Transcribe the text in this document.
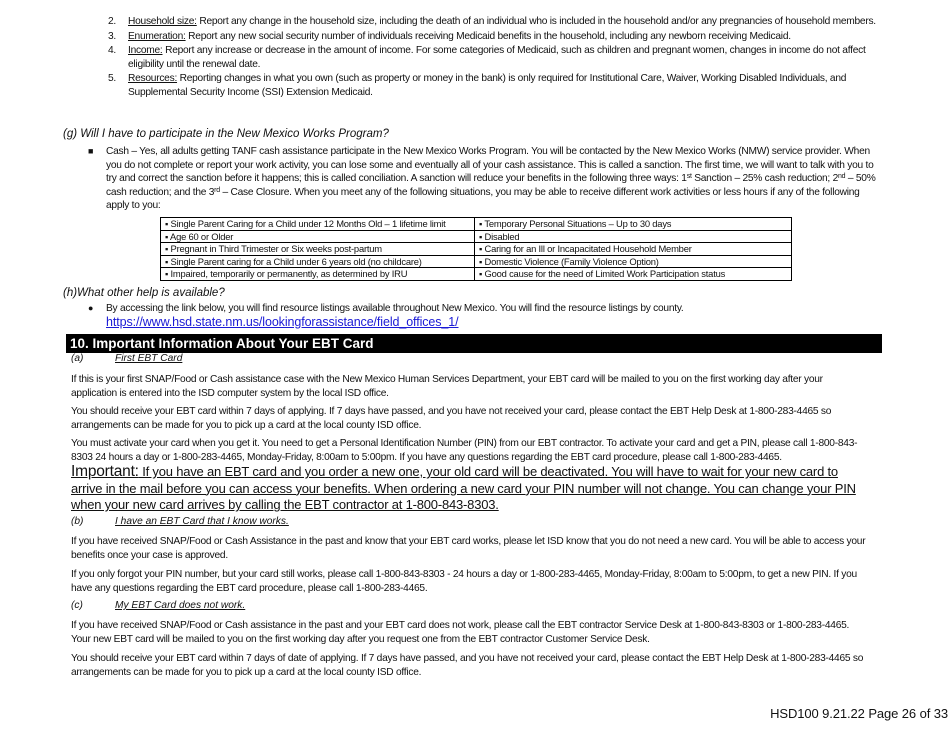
2.	Household size: Report any change in the household size, including the death of an individual who is included in the household and/or any pregnancies of household members.
3.	Enumeration: Report any new social security number of individuals receiving Medicaid benefits in the household, including any newborn receiving Medicaid.
4.	Income: Report any increase or decrease in the amount of income. For some categories of Medicaid, such as children and pregnant women, changes in income do not affect eligibility until the renewal date.
5.	Resources: Reporting changes in what you own (such as property or money in the bank) is only required for Institutional Care, Waiver, Working Disabled Individuals, and Supplemental Security Income (SSI) Extension Medicaid.
(g) Will I have to participate in the New Mexico Works Program?
■	Cash – Yes, all adults getting TANF cash assistance participate in the New Mexico Works Program. You will be contacted by the New Mexico Works (NMW) service provider. When you do not complete or report your work activity, you can lose some and eventually all of your cash assistance. This is called a sanction. The first time, we will want to talk with you to try and correct the sanction before it happens; this is called conciliation. A sanction will reduce your benefits in the following three ways: 1st Sanction – 25% cash reduction; 2nd – 50% cash reduction; and the 3rd – Case Closure. When you meet any of the following situations, you may be able to receive different work activities or less hours if any of the following apply to you:
▪ Single Parent Caring for a Child under 12 Months Old – 1 lifetime limit	▪ Temporary Personal Situations – Up to 30 days
▪ Age 60 or Older	▪ Disabled
▪ Pregnant in Third Trimester or Six weeks post-partum	▪ Caring for an Ill or Incapacitated Household Member
▪ Single Parent caring for a Child under 6 years old (no childcare)	▪ Domestic Violence (Family Violence Option)
▪ Impaired, temporarily or permanently, as determined by IRU	▪ Good cause for the need of Limited Work Participation status
(h)What other help is available?
●	By accessing the link below, you will find resource listings available throughout New Mexico. You will find the resource listings by county.
https://www.hsd.state.nm.us/lookingforassistance/field_offices_1/
10. Important Information About Your EBT Card
(a)	First EBT Card
If this is your first SNAP/Food or Cash assistance case with the New Mexico Human Services Department, your EBT card will be mailed to you on the first working day after your application is entered into the ISD computer system by the local ISD office.
You should receive your EBT card within 7 days of applying. If 7 days have passed, and you have not received your card, please contact the EBT Help Desk at 1-800-283-4465 so arrangements can be made for you to pick up a card at the local county ISD office.
You must activate your card when you get it. You need to get a Personal Identification Number (PIN) from our EBT contractor. To activate your card and get a PIN, please call 1-800-843-8303 24 hours a day or 1-800-283-4465, Monday-Friday, 8:00am to 5:00pm. If you have any questions regarding the EBT card procedure, please call 1-800-283-4465.
Important: If you have an EBT card and you order a new one, your old card will be deactivated. You will have to wait for your new card to arrive in the mail before you can access your benefits. When ordering a new card your PIN number will not change. You can change your PIN when your new card arrives by calling the EBT contractor at 1-800-843-8303.
(b)	I have an EBT Card that I know works.
If you have received SNAP/Food or Cash Assistance in the past and know that your EBT card works, please let ISD know that you do not need a new card. You will be able to access your benefits once your case is approved.
If you only forgot your PIN number, but your card still works, please call 1-800-843-8303 - 24 hours a day or 1-800-283-4465, Monday-Friday, 8:00am to 5:00pm, to get a new PIN. If you have any questions regarding the EBT card procedure, please call 1-800-283-4465.
(c)	My EBT Card does not work.
If you have received SNAP/Food or Cash assistance in the past and your EBT card does not work, please call the EBT contractor Service Desk at 1-800-843-8303 or 1-800-283-4465. Your new EBT card will be mailed to you on the first working day after you request one from the EBT contractor Customer Service Desk.
You should receive your EBT card within 7 days of date of applying. If 7 days have passed, and you have not received your card, please contact the EBT Help Desk at 1-800-283-4465 so arrangements can be made for you to pick up a card at the local county ISD office.
HSD100 9.21.22 Page 26 of 33
